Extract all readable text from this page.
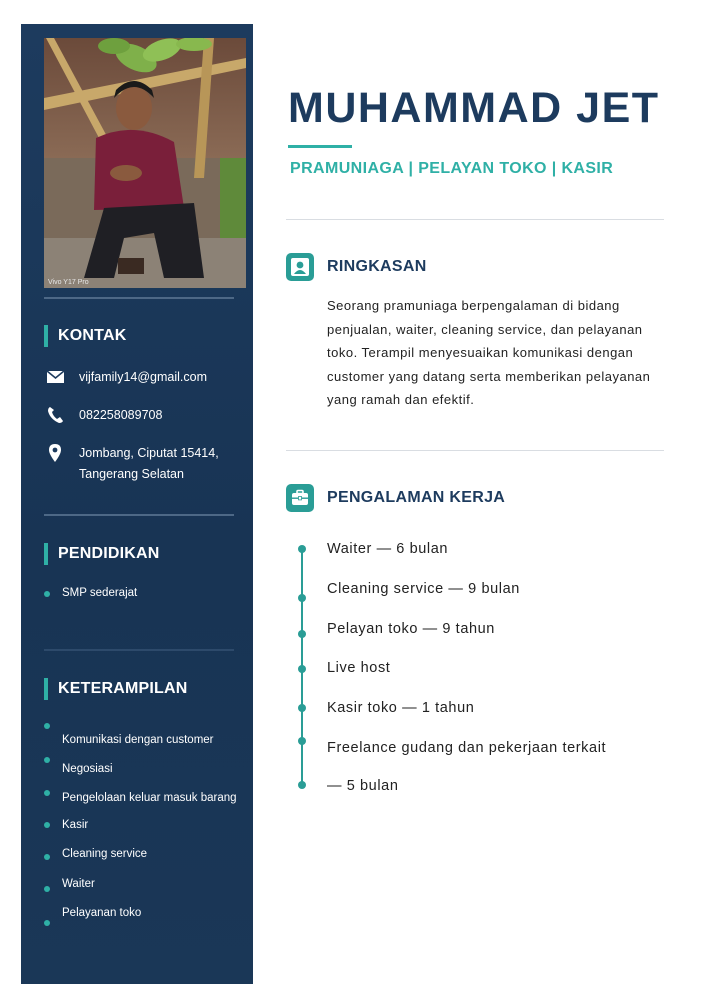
Vivo Y17 Pro
KONTAK
vijfamily14@gmail.com
082258089708
Jombang, Ciputat 15414,
Tangerang Selatan
PENDIDIKAN
SMP sederajat
KETERAMPILAN
Komunikasi dengan customer
Negosiasi
Pengelolaan keluar masuk barang
Kasir
Cleaning service
Waiter
Pelayanan toko
MUHAMMAD JET
PRAMUNIAGA | PELAYAN TOKO | KASIR
RINGKASAN

Seorang pramuniaga berpengalaman di bidang penjualan, waiter, cleaning service, dan pelayanan toko. Terampil menyesuaikan komunikasi dengan customer yang datang serta memberikan pelayanan yang ramah dan efektif.

PENGALAMAN KERJA
Waiter — 6 bulan
Cleaning service — 9 bulan
Pelayan toko — 9 tahun
Live host
Kasir toko — 1 tahun
Freelance gudang dan pekerjaan terkait
— 5 bulan
